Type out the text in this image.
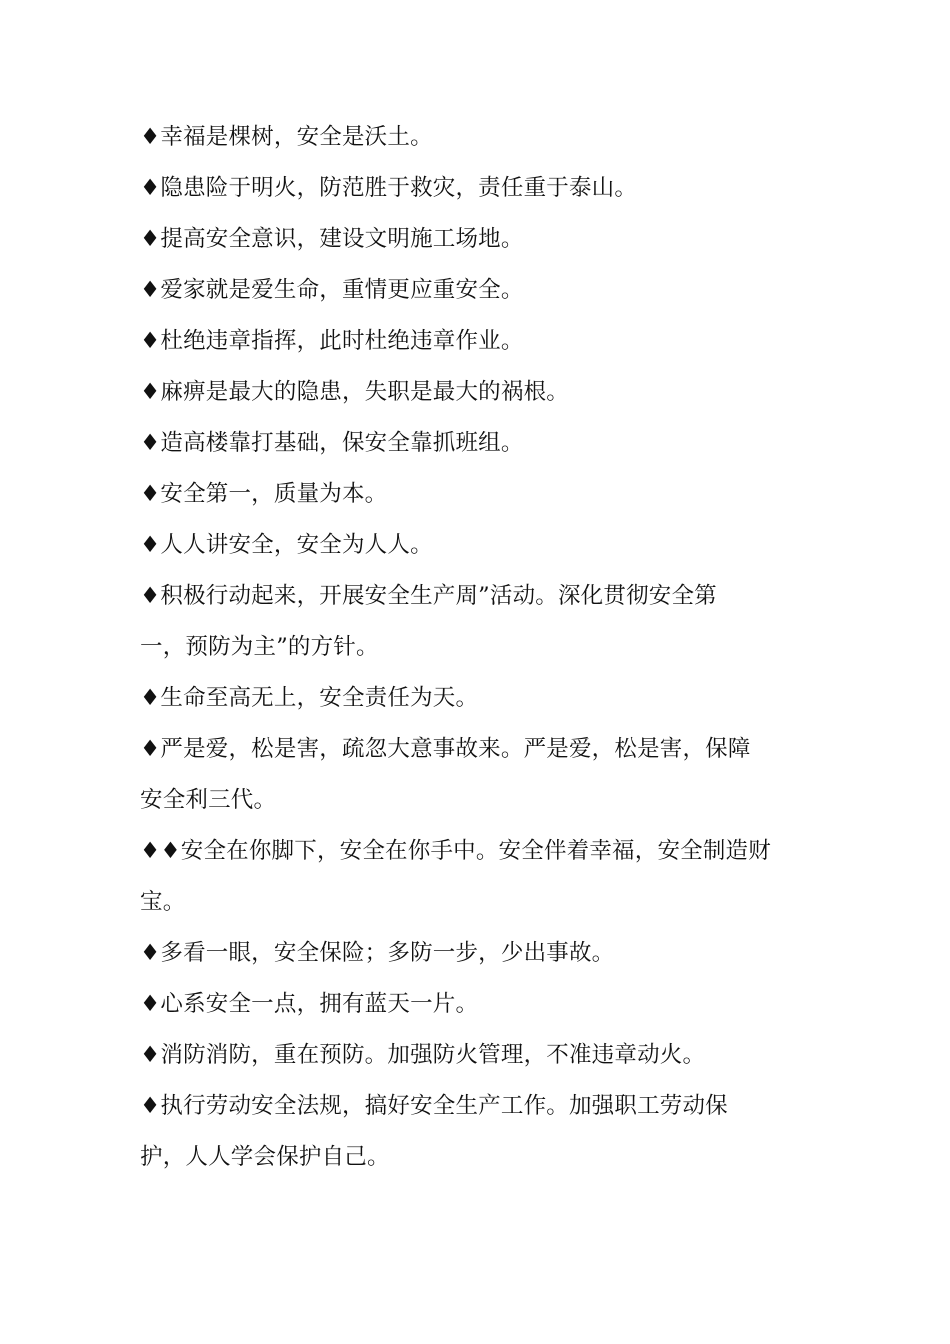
♦幸福是棵树，安全是沃土。

♦隐患险于明火，防范胜于救灾，责任重于泰山。

♦提高安全意识，建设文明施工场地。

♦爱家就是爱生命，重情更应重安全。

♦杜绝违章指挥，此时杜绝违章作业。

♦麻痹是最大的隐患，失职是最大的祸根。

♦造高楼靠打基础，保安全靠抓班组。

♦安全第一，质量为本。

♦人人讲安全，安全为人人。

♦积极行动起来，开展安全生产周”活动。深化贯彻安全第

一，预防为主”的方针。

♦生命至高无上，安全责任为天。

♦严是爱，松是害，疏忽大意事故来。严是爱，松是害，保障

安全利三代。

♦♦安全在你脚下，安全在你手中。安全伴着幸福，安全制造财

宝。

♦多看一眼，安全保险；多防一步，少出事故。

♦心系安全一点，拥有蓝天一片。

♦消防消防，重在预防。加强防火管理，不准违章动火。

♦执行劳动安全法规，搞好安全生产工作。加强职工劳动保

护，人人学会保护自己。
